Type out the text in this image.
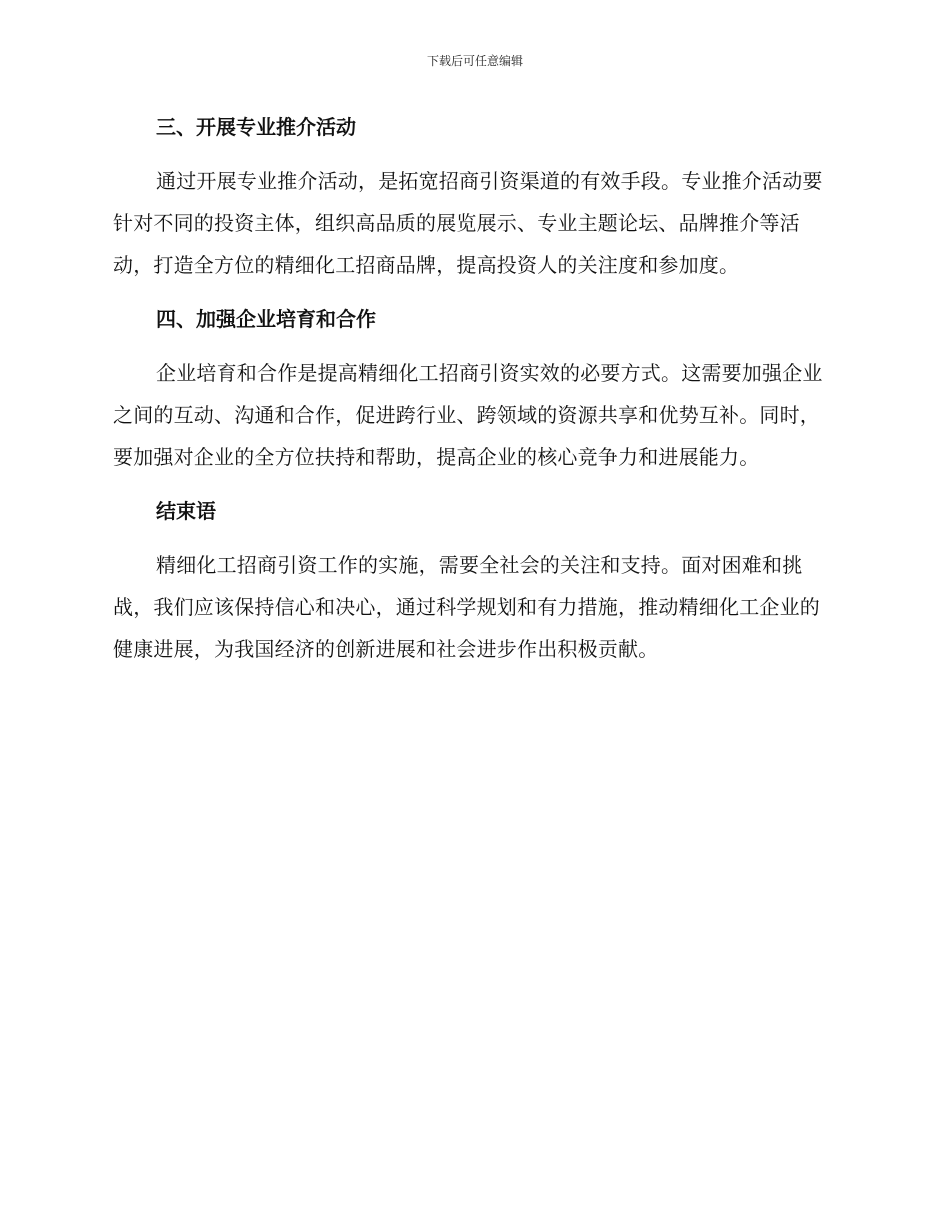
下载后可任意编辑
三、开展专业推介活动

通过开展专业推介活动，是拓宽招商引资渠道的有效手段。专业推介活动要针对不同的投资主体，组织高品质的展览展示、专业主题论坛、品牌推介等活动，打造全方位的精细化工招商品牌，提高投资人的关注度和参加度。

四、加强企业培育和合作

企业培育和合作是提高精细化工招商引资实效的必要方式。这需要加强企业之间的互动、沟通和合作，促进跨行业、跨领域的资源共享和优势互补。同时，要加强对企业的全方位扶持和帮助，提高企业的核心竞争力和进展能力。

结束语

精细化工招商引资工作的实施，需要全社会的关注和支持。面对困难和挑战，我们应该保持信心和决心，通过科学规划和有力措施，推动精细化工企业的健康进展，为我国经济的创新进展和社会进步作出积极贡献。
